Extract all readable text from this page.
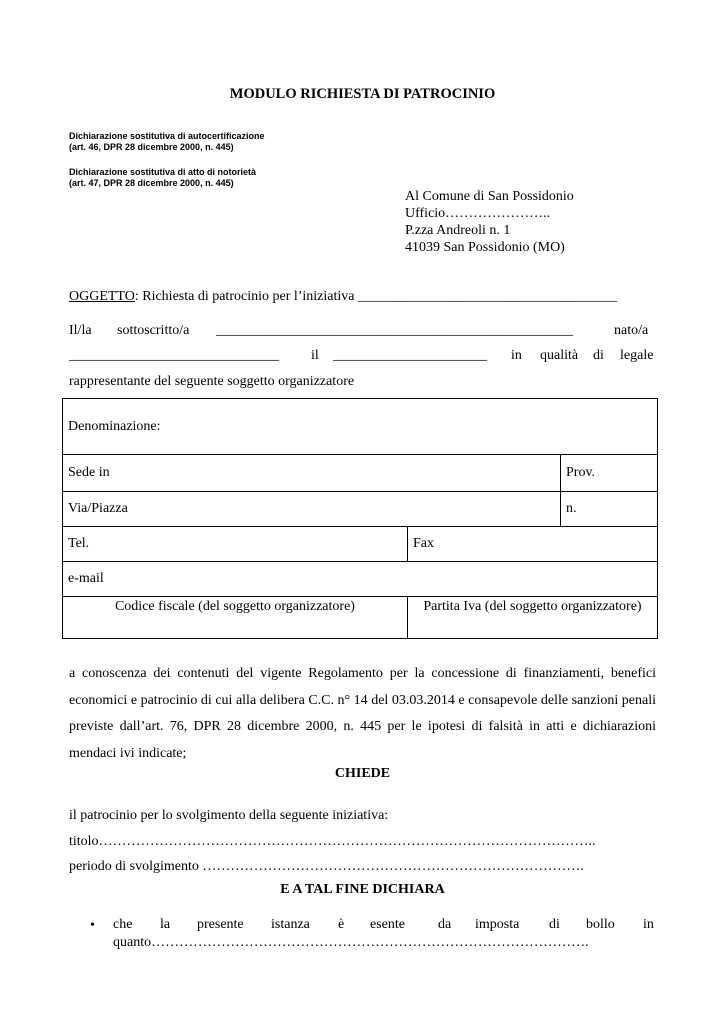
MODULO RICHIESTA DI PATROCINIO
Dichiarazione sostitutiva di autocertificazione
(art. 46, DPR 28 dicembre 2000, n. 445)
Dichiarazione sostitutiva di atto di notorietà
(art. 47, DPR 28 dicembre 2000, n. 445)
Al Comune di San Possidonio
Ufficio…………………..
P.zza Andreoli n. 1
41039 San Possidonio (MO)
OGGETTO: Richiesta di patrocinio per l’iniziativa _____________________________________
Il/la sottoscritto/a ___________________________________________________	nato/a
______________________________ il ______________________ in qualità di legale
rappresentante del seguente soggetto organizzatore
Denominazione:		
Sede in		Prov.
Via/Piazza		n.
Tel.	Fax	
e-mail		
Codice fiscale (del soggetto organizzatore)	Partita Iva (del soggetto organizzatore)	
a conoscenza dei contenuti del vigente Regolamento per la concessione di finanziamenti, benefici economici e patrocinio di cui alla delibera C.C. n° 14 del 03.03.2014 e consapevole delle sanzioni penali previste dall’art. 76, DPR 28 dicembre 2000, n. 445 per le ipotesi di falsità in atti e dichiarazioni mendaci ivi indicate;
CHIEDE
il patrocinio per lo svolgimento della seguente iniziativa:
titolo……………………………………………………………………………………………..
periodo di svolgimento ……………………………………………………………………….
E A TAL FINE DICHIARA
• che la presente istanza è esente da imposta di bollo in
quanto………………………………………………………………………………….
